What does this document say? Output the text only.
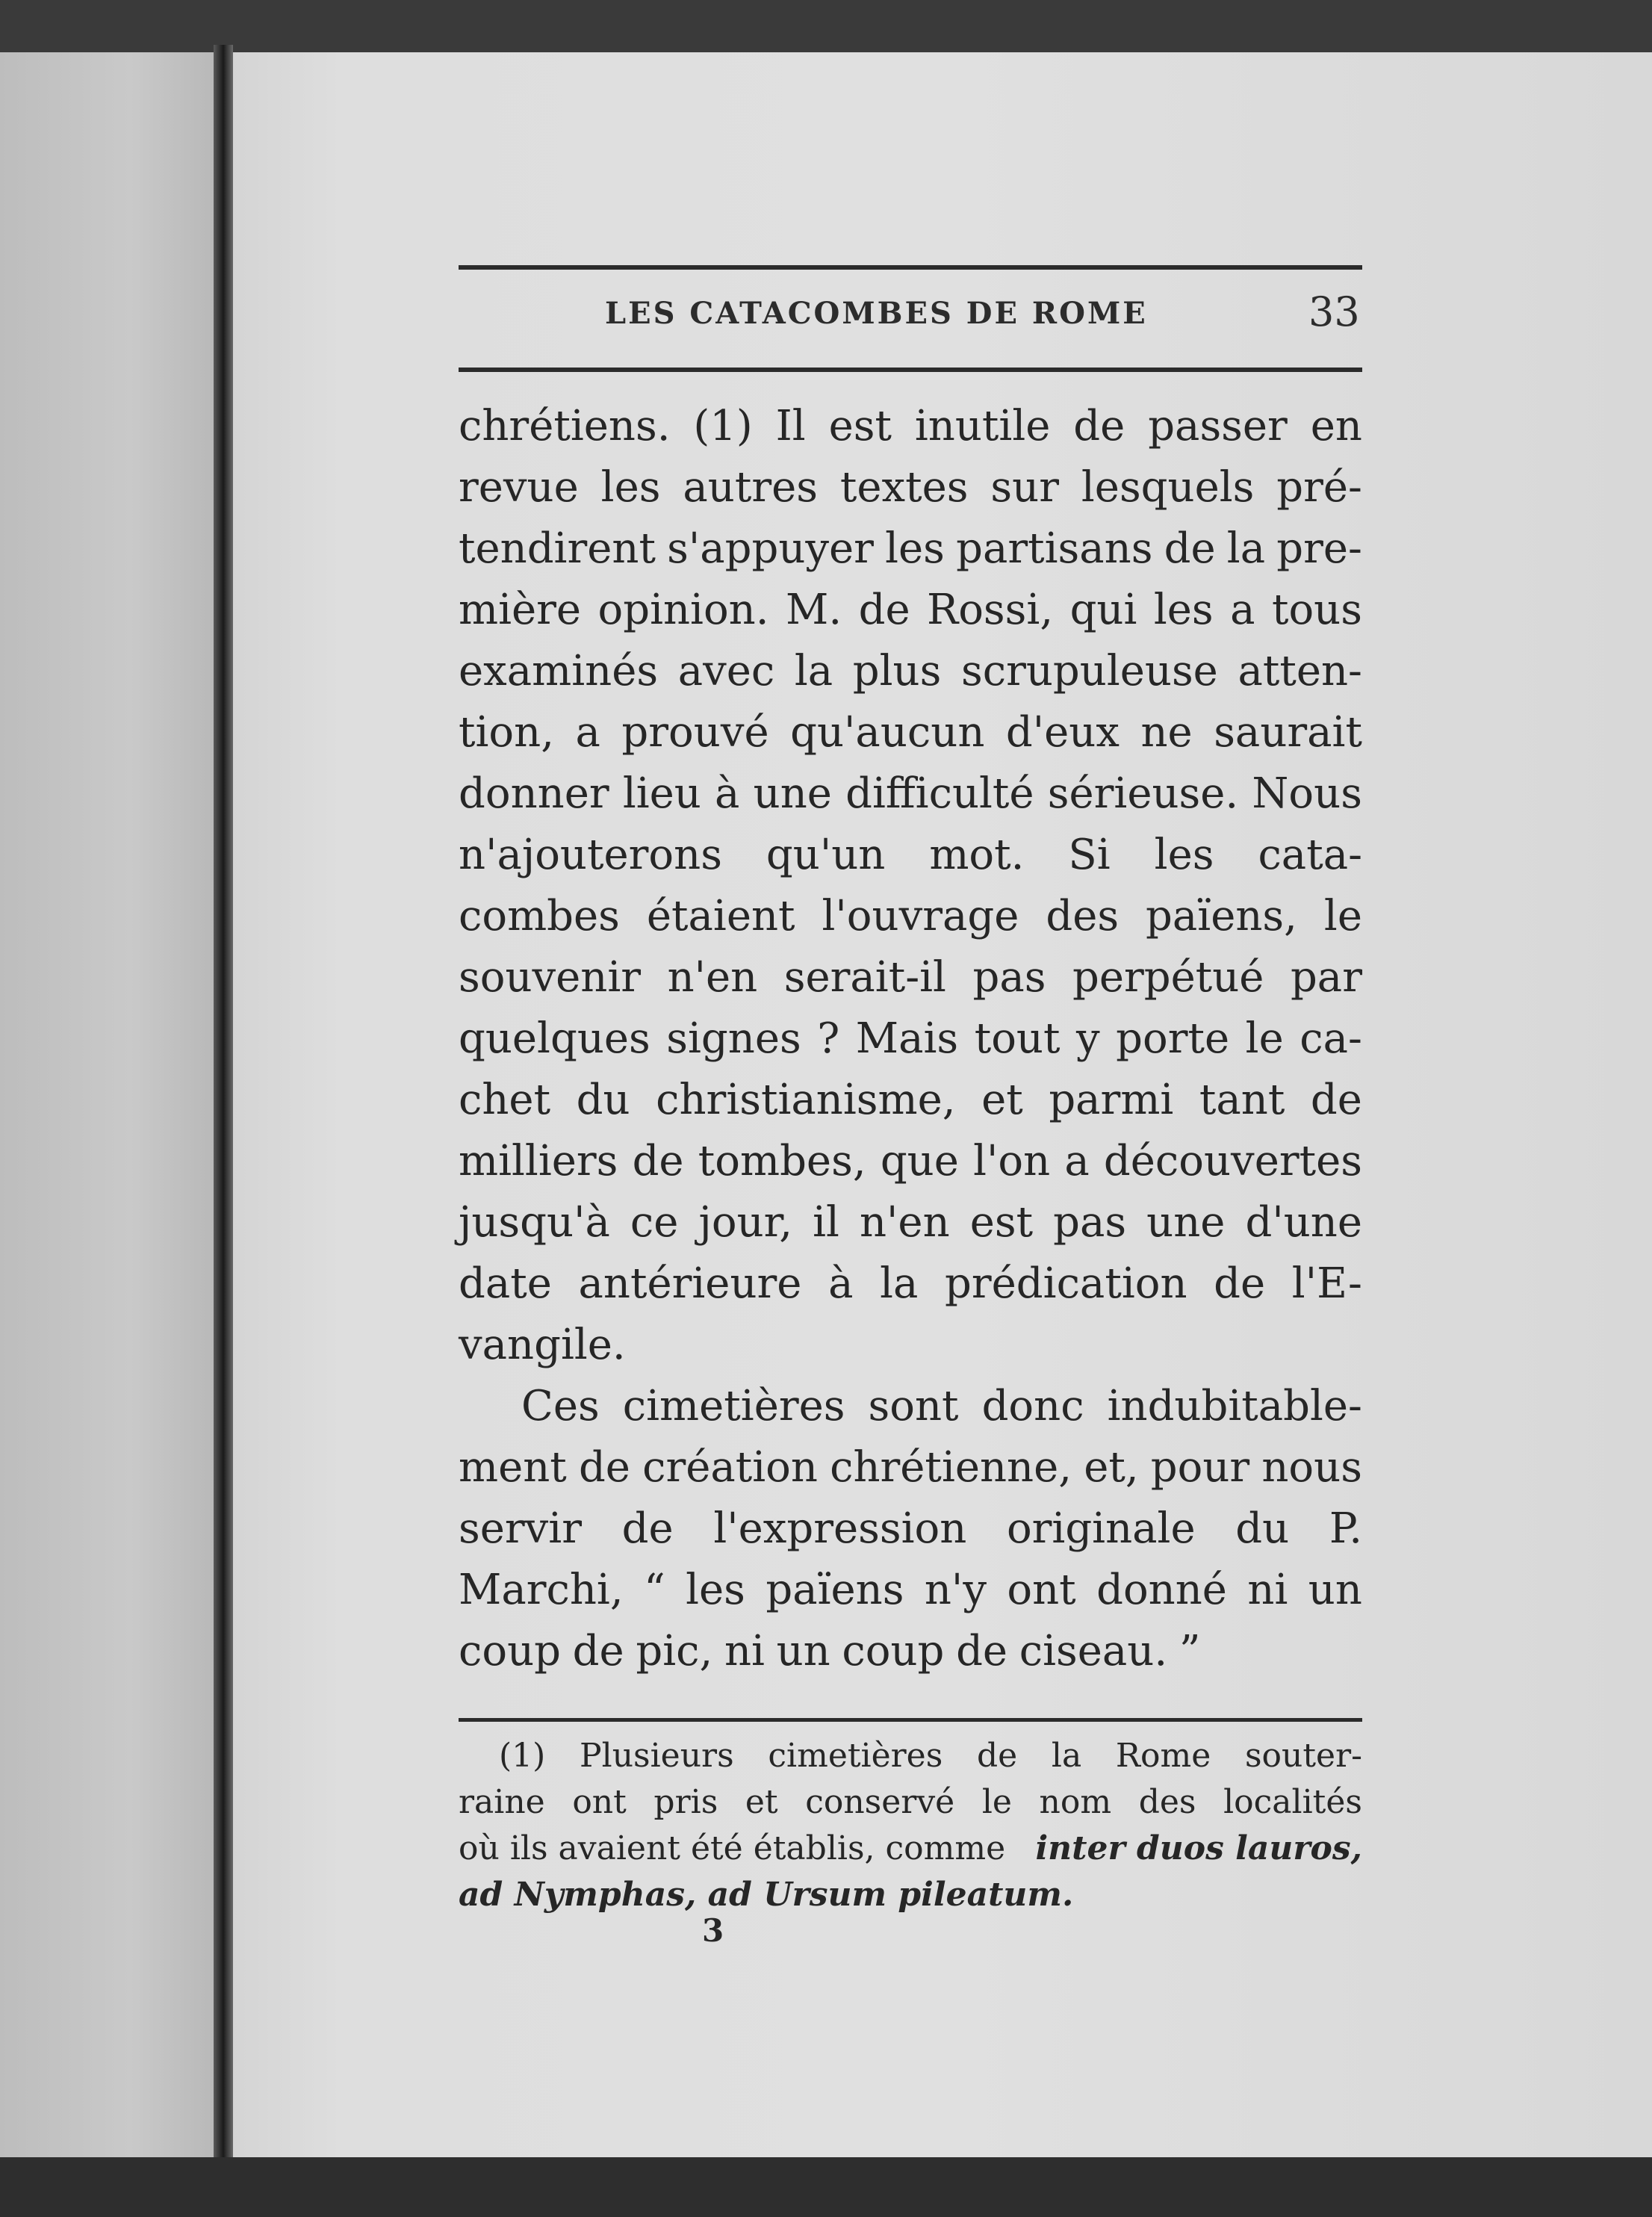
LES CATACOMBES DE ROME	33
chrétiens. (1) Il est inutile de passer en
revue les autres textes sur lesquels pré-
tendirent s'appuyer les partisans de la pre-
mière opinion. M. de Rossi, qui les a tous
examinés avec la plus scrupuleuse atten-
tion, a prouvé qu'aucun d'eux ne saurait
donner lieu à une difficulté sérieuse. Nous
n'ajouterons qu'un mot. Si les cata-
combes étaient l'ouvrage des païens, le
souvenir n'en serait-il pas perpétué par
quelques signes ? Mais tout y porte le ca-
chet du christianisme, et parmi tant de
milliers de tombes, que l'on a découvertes
jusqu'à ce jour, il n'en est pas une d'une
date antérieure à la prédication de l'E-
vangile.
Ces cimetières sont donc indubitable-
ment de création chrétienne, et, pour nous
servir de l'expression originale du P.
Marchi, “ les païens n'y ont donné ni un
coup de pic, ni un coup de ciseau. ”
(1) Plusieurs cimetières de la Rome souter-
raine ont pris et conservé le nom des localités
où ils avaient été établis, comme inter duos lauros,
ad Nymphas, ad Ursum pileatum.
3
